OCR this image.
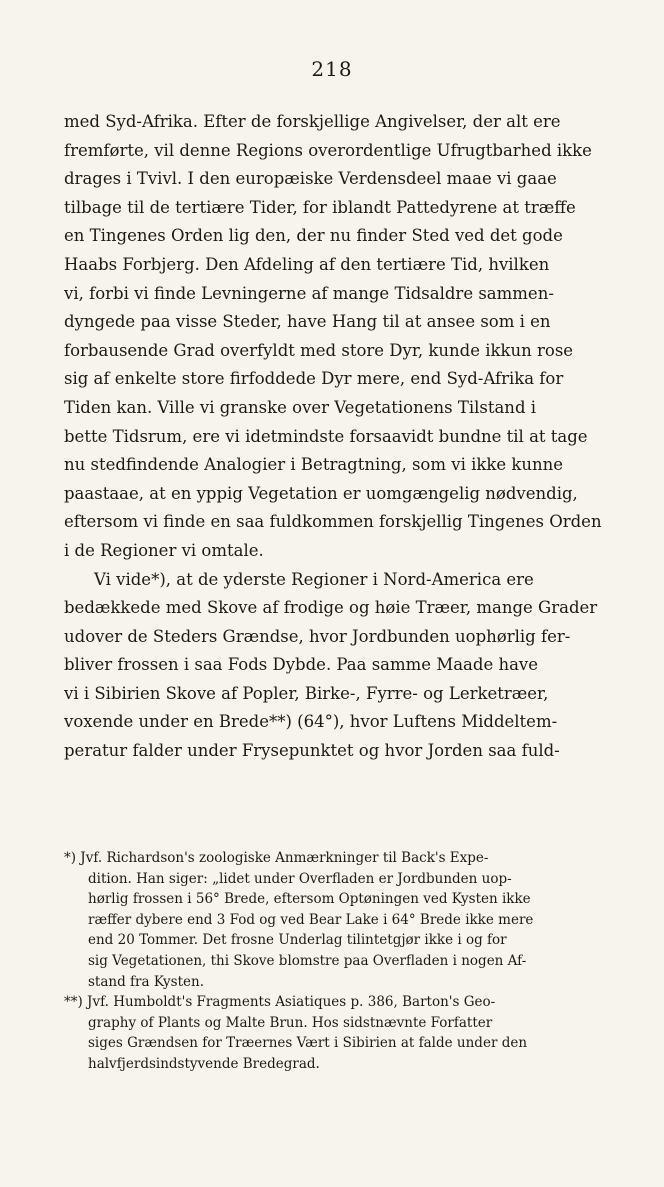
218
med Syd-Afrika. Efter de forskjellige Angivelser, der alt ere
fremførte, vil denne Regions overordentlige Ufrugtbarhed ikke
drages i Tvivl. I den europæiske Verdensdeel maae vi gaae
tilbage til de tertiære Tider, for iblandt Pattedyrene at træffe
en Tingenes Orden lig den, der nu finder Sted ved det gode
Haabs Forbjerg. Den Afdeling af den tertiære Tid, hvilken
vi, forbi vi finde Levningerne af mange Tidsaldre sammen-
dyngede paa visse Steder, have Hang til at ansee som i en
forbausende Grad overfyldt med store Dyr, kunde ikkun rose
sig af enkelte store firfoddede Dyr mere, end Syd-Afrika for
Tiden kan. Ville vi granske over Vegetationens Tilstand i
bette Tidsrum, ere vi idetmindste forsaavidt bundne til at tage
nu stedfindende Analogier i Betragtning, som vi ikke kunne
paastaae, at en yppig Vegetation er uomgængelig nødvendig,
eftersom vi finde en saa fuldkommen forskjellig Tingenes Orden
i de Regioner vi omtale.
Vi vide*), at de yderste Regioner i Nord-America ere
bedækkede med Skove af frodige og høie Træer, mange Grader
udover de Steders Grændse, hvor Jordbunden uophørlig fer-
bliver frossen i saa Fods Dybde. Paa samme Maade have
vi i Sibirien Skove af Popler, Birke-, Fyrre- og Lerketræer,
voxende under en Brede**) (64°), hvor Luftens Middeltem-
peratur falder under Frysepunktet og hvor Jorden saa fuld-
*) Jvf. Richardson's zoologiske Anmærkninger til Back's Expe-
dition. Han siger: „lidet under Overfladen er Jordbunden uop-
hørlig frossen i 56° Brede, eftersom Optøningen ved Kysten ikke
ræffer dybere end 3 Fod og ved Bear Lake i 64° Brede ikke mere
end 20 Tommer. Det frosne Underlag tilintetgjør ikke i og for
sig Vegetationen, thi Skove blomstre paa Overfladen i nogen Af-
stand fra Kysten.
**) Jvf. Humboldt's Fragments Asiatiques p. 386, Barton's Geo-
graphy of Plants og Malte Brun. Hos sidstnævnte Forfatter
siges Grændsen for Træernes Vært i Sibirien at falde under den
halvfjerdsindstyvende Bredegrad.
